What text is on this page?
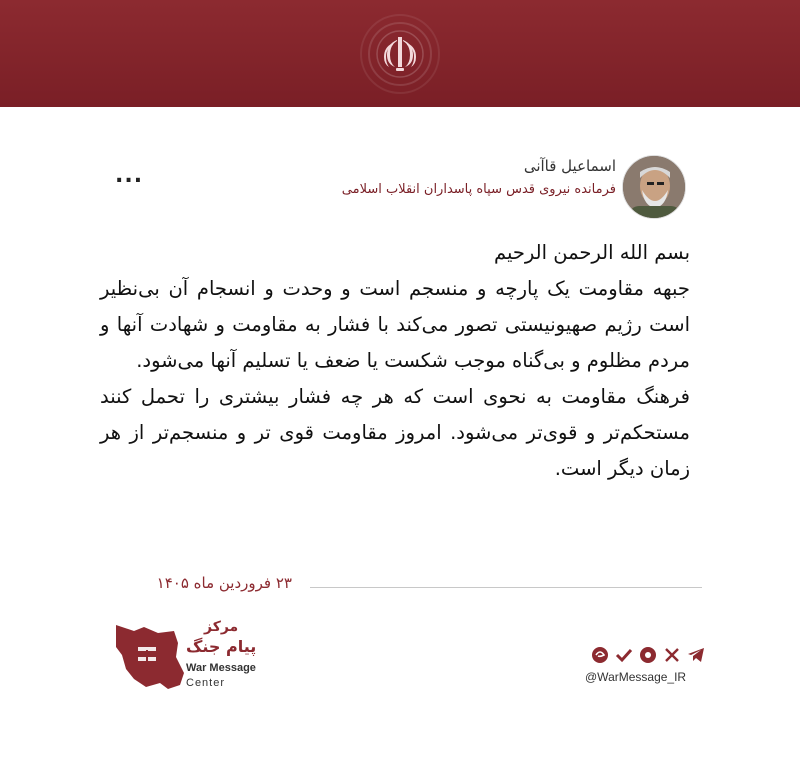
اسماعیل قاآنی
فرمانده نیروی قدس سپاه پاسداران انقلاب اسلامی
...

بسم الله الرحمن الرحیم

جبهه مقاومت یک پارچه و منسجم است و وحدت و انسجام آن بی‌نظیر است رژیم صهیونیستی تصور می‌کند با فشار به مقاومت و شهادت آنها و مردم مظلوم و بی‌گناه موجب شکست یا ضعف یا تسلیم آنها می‌شود.

فرهنگ مقاومت به نحوی است که هر چه فشار بیشتری را تحمل کنند مستحکم‌تر و قوی‌تر می‌شود. امروز مقاومت قوی تر و منسجم‌تر از هر زمان دیگر است.

۲۳ فروردین ماه ۱۴۰۵
مرکز
پیام جنگ
War Message
Center	@WarMessage_IR
